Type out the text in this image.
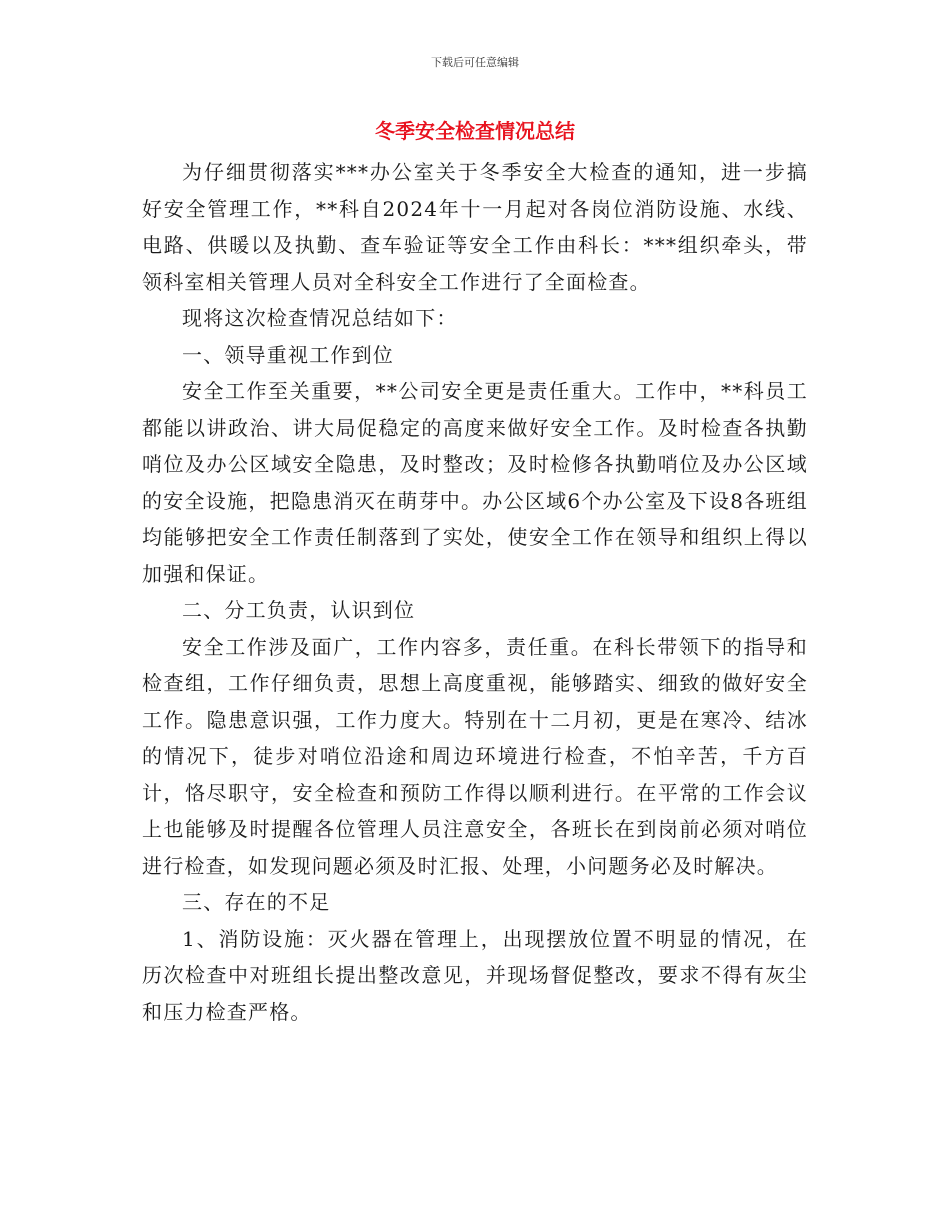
下载后可任意编辑
冬季安全检查情况总结

为仔细贯彻落实***办公室关于冬季安全大检查的通知，进一步搞好安全管理工作，**科自2024年十一月起对各岗位消防设施、水线、电路、供暖以及执勤、查车验证等安全工作由科长：***组织牵头，带领科室相关管理人员对全科安全工作进行了全面检查。

现将这次检查情况总结如下：

一、领导重视工作到位

安全工作至关重要，**公司安全更是责任重大。工作中，**科员工都能以讲政治、讲大局促稳定的高度来做好安全工作。及时检查各执勤哨位及办公区域安全隐患，及时整改；及时检修各执勤哨位及办公区域的安全设施，把隐患消灭在萌芽中。办公区域6个办公室及下设8各班组均能够把安全工作责任制落到了实处，使安全工作在领导和组织上得以加强和保证。

二、分工负责，认识到位

安全工作涉及面广，工作内容多，责任重。在科长带领下的指导和检查组，工作仔细负责，思想上高度重视，能够踏实、细致的做好安全工作。隐患意识强，工作力度大。特别在十二月初，更是在寒冷、结冰的情况下，徒步对哨位沿途和周边环境进行检查，不怕辛苦，千方百计，恪尽职守，安全检查和预防工作得以顺利进行。在平常的工作会议上也能够及时提醒各位管理人员注意安全，各班长在到岗前必须对哨位进行检查，如发现问题必须及时汇报、处理，小问题务必及时解决。

三、存在的不足

1、消防设施：灭火器在管理上，出现摆放位置不明显的情况，在历次检查中对班组长提出整改意见，并现场督促整改，要求不得有灰尘和压力检查严格。
